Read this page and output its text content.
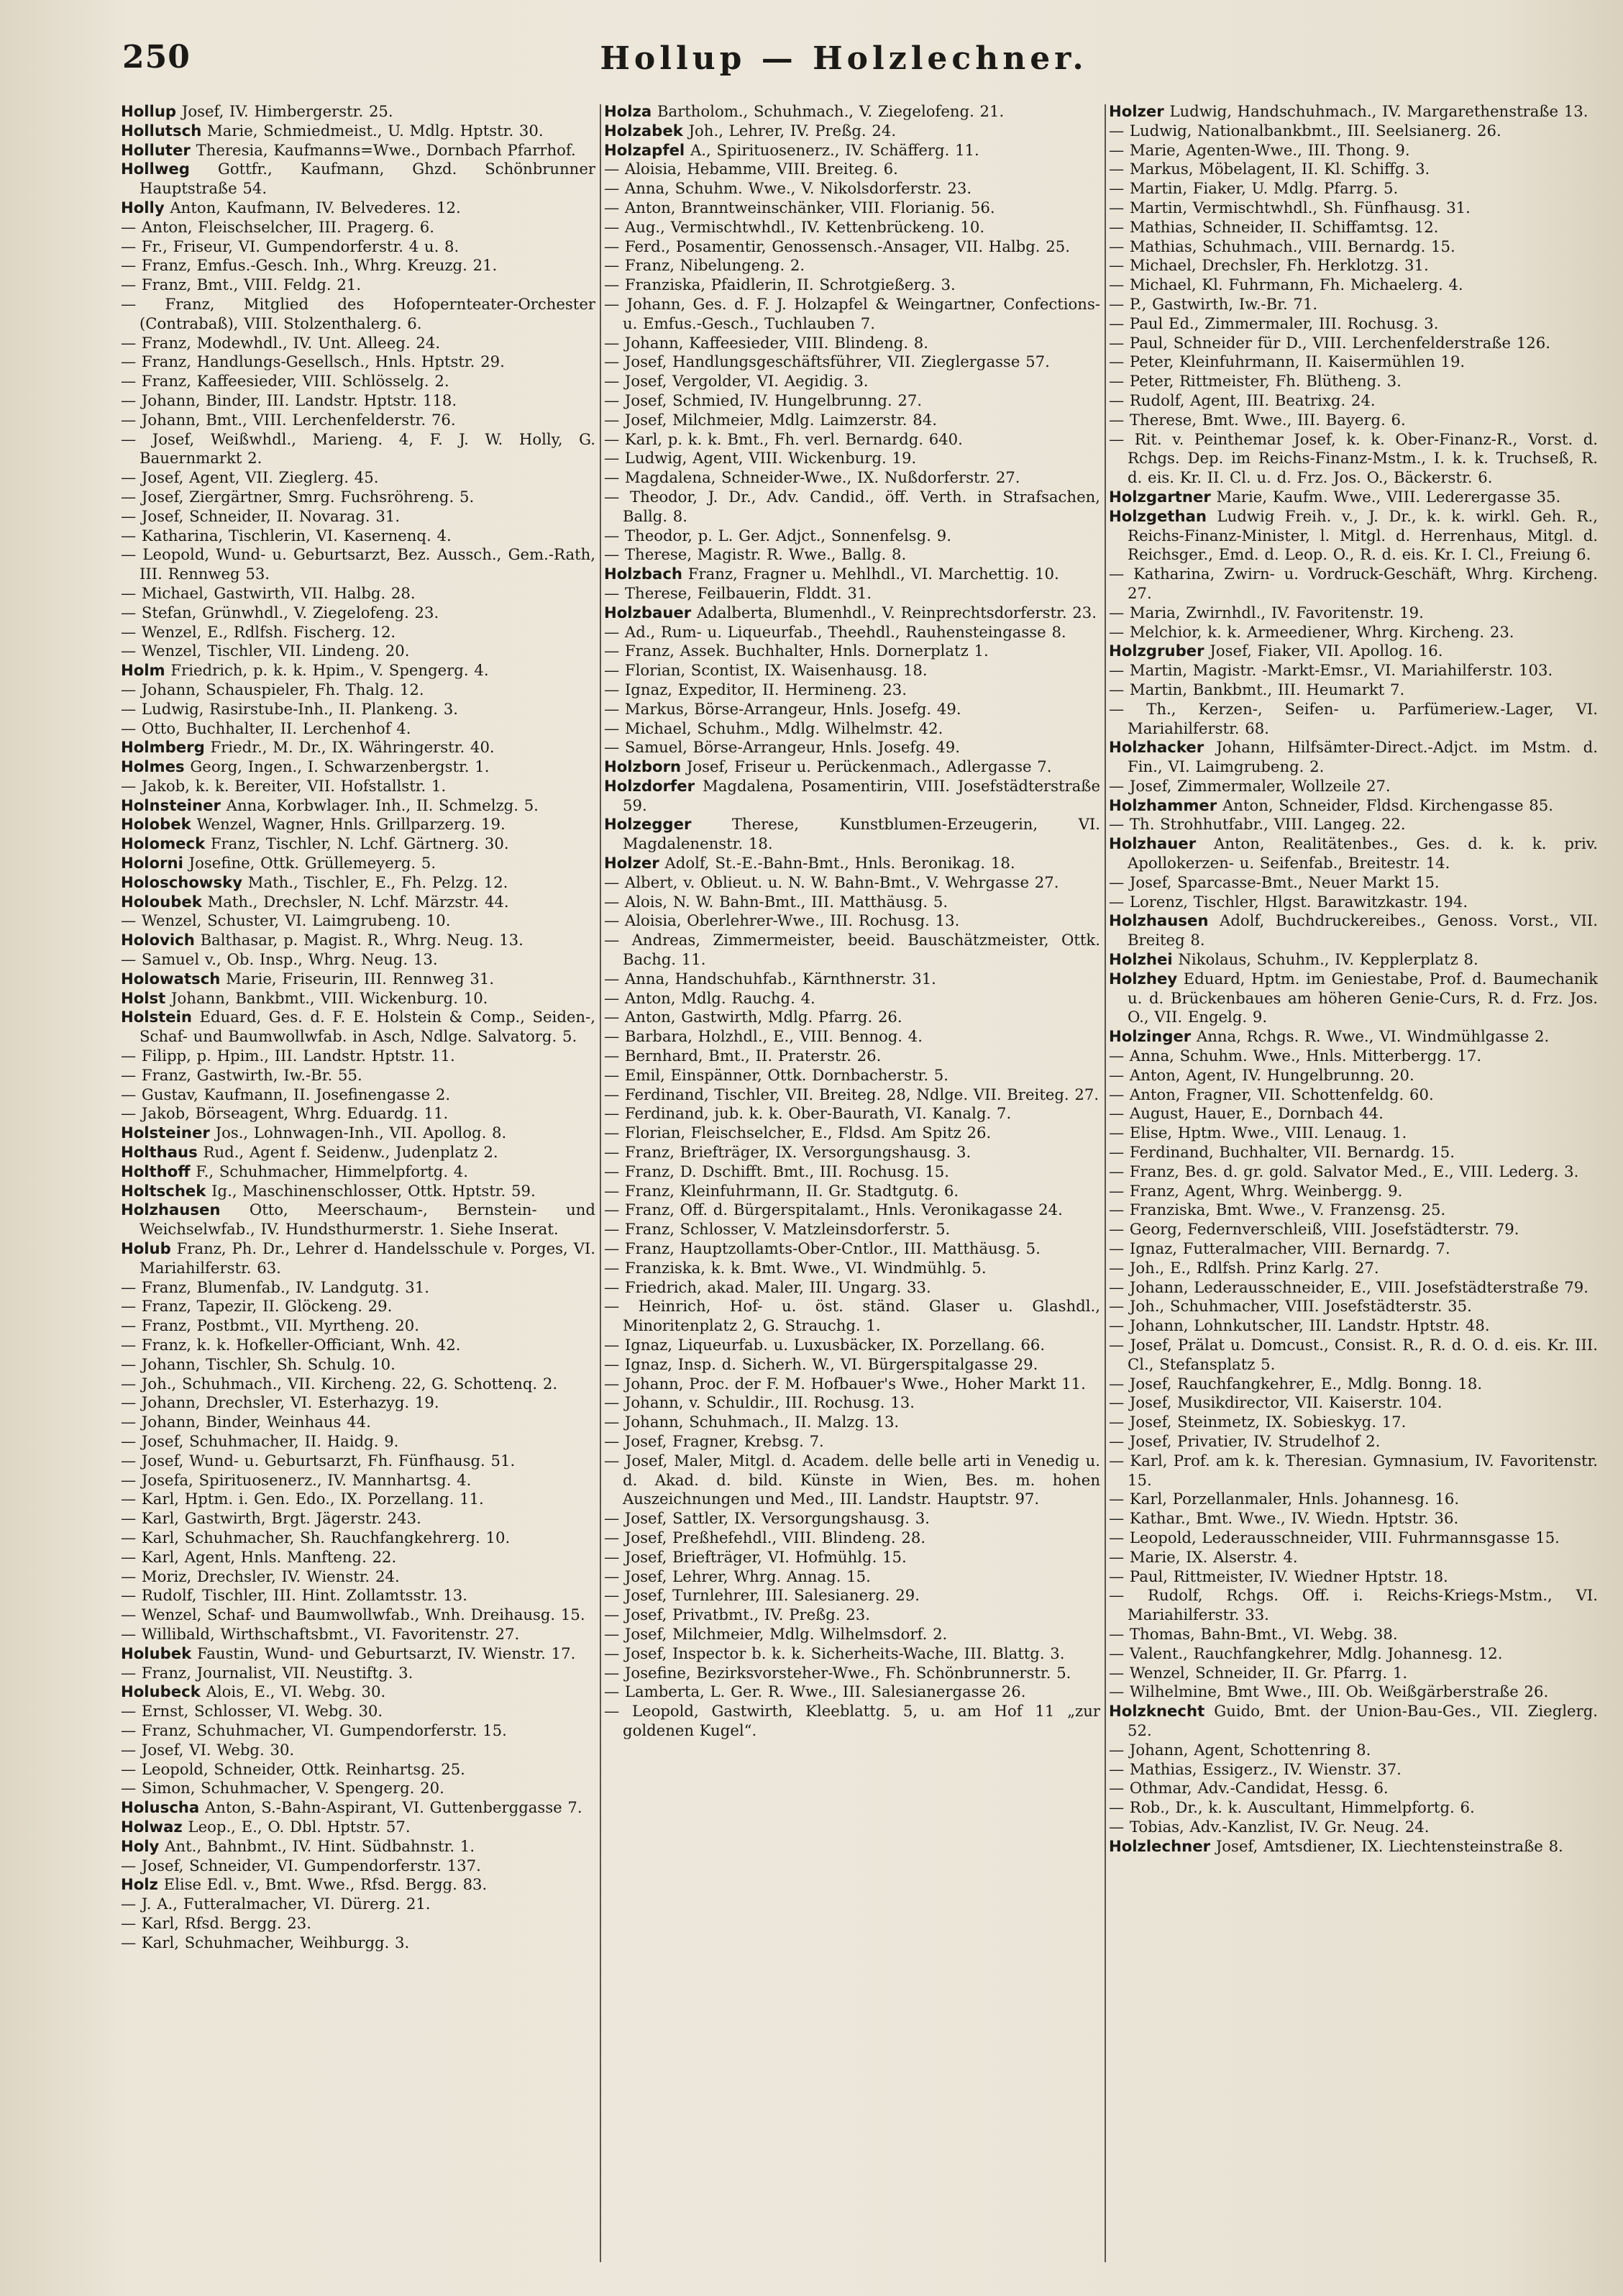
250	Hollup — Holzlechner.

Hollup Josef, IV. Himbergerstr. 25.

Hollutsch Marie, Schmiedmeist., U. Mdlg. Hptstr. 30.

Holluter Theresia, Kaufmanns=Wwe., Dornbach Pfarrhof.

Hollweg Gottfr., Kaufmann, Ghzd. Schönbrunner Hauptstraße 54.

Holly Anton, Kaufmann, IV. Belvederes. 12.

— Anton, Fleischselcher, III. Pragerg. 6.

— Fr., Friseur, VI. Gumpendorferstr. 4 u. 8.

— Franz, Emfus.-Gesch. Inh., Whrg. Kreuzg. 21.

— Franz, Bmt., VIII. Feldg. 21.

— Franz, Mitglied des Hofopernteater-Orchester (Contrabaß), VIII. Stolzenthalerg. 6.

— Franz, Modewhdl., IV. Unt. Alleeg. 24.

— Franz, Handlungs-Gesellsch., Hnls. Hptstr. 29.

— Franz, Kaffeesieder, VIII. Schlösselg. 2.

— Johann, Binder, III. Landstr. Hptstr. 118.

— Johann, Bmt., VIII. Lerchenfelderstr. 76.

— Josef, Weißwhdl., Marieng. 4, F. J. W. Holly, G. Bauernmarkt 2.

— Josef, Agent, VII. Zieglerg. 45.

— Josef, Ziergärtner, Smrg. Fuchsröhreng. 5.

— Josef, Schneider, II. Novarag. 31.

— Katharina, Tischlerin, VI. Kasernenq. 4.

— Leopold, Wund- u. Geburtsarzt, Bez. Aussch., Gem.-Rath, III. Rennweg 53.

— Michael, Gastwirth, VII. Halbg. 28.

— Stefan, Grünwhdl., V. Ziegelofeng. 23.

— Wenzel, E., Rdlfsh. Fischerg. 12.

— Wenzel, Tischler, VII. Lindeng. 20.

Holm Friedrich, p. k. k. Hpim., V. Spengerg. 4.

— Johann, Schauspieler, Fh. Thalg. 12.

— Ludwig, Rasirstube-Inh., II. Plankeng. 3.

— Otto, Buchhalter, II. Lerchenhof 4.

Holmberg Friedr., M. Dr., IX. Währingerstr. 40.

Holmes Georg, Ingen., I. Schwarzenbergstr. 1.

— Jakob, k. k. Bereiter, VII. Hofstallstr. 1.

Holnsteiner Anna, Korbwlager. Inh., II. Schmelzg. 5.

Holobek Wenzel, Wagner, Hnls. Grillparzerg. 19.

Holomeck Franz, Tischler, N. Lchf. Gärtnerg. 30.

Holorni Josefine, Ottk. Grüllemeyerg. 5.

Holoschowsky Math., Tischler, E., Fh. Pelzg. 12.

Holoubek Math., Drechsler, N. Lchf. Märzstr. 44.

— Wenzel, Schuster, VI. Laimgrubeng. 10.

Holovich Balthasar, p. Magist. R., Whrg. Neug. 13.

— Samuel v., Ob. Insp., Whrg. Neug. 13.

Holowatsch Marie, Friseurin, III. Rennweg 31.

Holst Johann, Bankbmt., VIII. Wickenburg. 10.

Holstein Eduard, Ges. d. F. E. Holstein & Comp., Seiden-, Schaf- und Baumwollwfab. in Asch, Ndlge. Salvatorg. 5.

— Filipp, p. Hpim., III. Landstr. Hptstr. 11.

— Franz, Gastwirth, Iw.-Br. 55.

— Gustav, Kaufmann, II. Josefinengasse 2.

— Jakob, Börseagent, Whrg. Eduardg. 11.

Holsteiner Jos., Lohnwagen-Inh., VII. Apollog. 8.

Holthaus Rud., Agent f. Seidenw., Judenplatz 2.

Holthoff F., Schuhmacher, Himmelpfortg. 4.

Holtschek Ig., Maschinenschlosser, Ottk. Hptstr. 59.

Holzhausen Otto, Meerschaum-, Bernstein- und Weichselwfab., IV. Hundsthurmerstr. 1. Siehe Inserat.

Holub Franz, Ph. Dr., Lehrer d. Handelsschule v. Porges, VI. Mariahilferstr. 63.

— Franz, Blumenfab., IV. Landgutg. 31.

— Franz, Tapezir, II. Glöckeng. 29.

— Franz, Postbmt., VII. Myrtheng. 20.

— Franz, k. k. Hofkeller-Officiant, Wnh. 42.

— Johann, Tischler, Sh. Schulg. 10.

— Joh., Schuhmach., VII. Kircheng. 22, G. Schottenq. 2.

— Johann, Drechsler, VI. Esterhazyg. 19.

— Johann, Binder, Weinhaus 44.

— Josef, Schuhmacher, II. Haidg. 9.

— Josef, Wund- u. Geburtsarzt, Fh. Fünfhausg. 51.

— Josefa, Spirituosenerz., IV. Mannhartsg. 4.

— Karl, Hptm. i. Gen. Edo., IX. Porzellang. 11.

— Karl, Gastwirth, Brgt. Jägerstr. 243.

— Karl, Schuhmacher, Sh. Rauchfangkehrerg. 10.

— Karl, Agent, Hnls. Manfteng. 22.

— Moriz, Drechsler, IV. Wienstr. 24.

— Rudolf, Tischler, III. Hint. Zollamtsstr. 13.

— Wenzel, Schaf- und Baumwollwfab., Wnh. Dreihausg. 15.

— Willibald, Wirthschaftsbmt., VI. Favoritenstr. 27.

Holubek Faustin, Wund- und Geburtsarzt, IV. Wienstr. 17.

— Franz, Journalist, VII. Neustiftg. 3.

Holubeck Alois, E., VI. Webg. 30.

— Ernst, Schlosser, VI. Webg. 30.

— Franz, Schuhmacher, VI. Gumpendorferstr. 15.

— Josef, VI. Webg. 30.

— Leopold, Schneider, Ottk. Reinhartsg. 25.

— Simon, Schuhmacher, V. Spengerg. 20.

Holuscha Anton, S.-Bahn-Aspirant, VI. Guttenberggasse 7.

Holwaz Leop., E., O. Dbl. Hptstr. 57.

Holy Ant., Bahnbmt., IV. Hint. Südbahnstr. 1.

— Josef, Schneider, VI. Gumpendorferstr. 137.

Holz Elise Edl. v., Bmt. Wwe., Rfsd. Bergg. 83.

— J. A., Futteralmacher, VI. Dürerg. 21.

— Karl, Rfsd. Bergg. 23.

— Karl, Schuhmacher, Weihburgg. 3.

Holza Bartholom., Schuhmach., V. Ziegelofeng. 21.

Holzabek Joh., Lehrer, IV. Preßg. 24.

Holzapfel A., Spirituosenerz., IV. Schäfferg. 11.

— Aloisia, Hebamme, VIII. Breiteg. 6.

— Anna, Schuhm. Wwe., V. Nikolsdorferstr. 23.

— Anton, Branntweinschänker, VIII. Florianig. 56.

— Aug., Vermischtwhdl., IV. Kettenbrückeng. 10.

— Ferd., Posamentir, Genossensch.-Ansager, VII. Halbg. 25.

— Franz, Nibelungeng. 2.

— Franziska, Pfaidlerin, II. Schrotgießerg. 3.

— Johann, Ges. d. F. J. Holzapfel & Weingartner, Confections- u. Emfus.-Gesch., Tuchlauben 7.

— Johann, Kaffeesieder, VIII. Blindeng. 8.

— Josef, Handlungsgeschäftsführer, VII. Zieglergasse 57.

— Josef, Vergolder, VI. Aegidig. 3.

— Josef, Schmied, IV. Hungelbrunng. 27.

— Josef, Milchmeier, Mdlg. Laimzerstr. 84.

— Karl, p. k. k. Bmt., Fh. verl. Bernardg. 640.

— Ludwig, Agent, VIII. Wickenburg. 19.

— Magdalena, Schneider-Wwe., IX. Nußdorferstr. 27.

— Theodor, J. Dr., Adv. Candid., öff. Verth. in Strafsachen, Ballg. 8.

— Theodor, p. L. Ger. Adjct., Sonnenfelsg. 9.

— Therese, Magistr. R. Wwe., Ballg. 8.

Holzbach Franz, Fragner u. Mehlhdl., VI. Marchettig. 10.

— Therese, Feilbauerin, Flddt. 31.

Holzbauer Adalberta, Blumenhdl., V. Reinprechtsdorferstr. 23.

— Ad., Rum- u. Liqueurfab., Theehdl., Rauhensteingasse 8.

— Franz, Assek. Buchhalter, Hnls. Dornerplatz 1.

— Florian, Scontist, IX. Waisenhausg. 18.

— Ignaz, Expeditor, II. Hermineng. 23.

— Markus, Börse-Arrangeur, Hnls. Josefg. 49.

— Michael, Schuhm., Mdlg. Wilhelmstr. 42.

— Samuel, Börse-Arrangeur, Hnls. Josefg. 49.

Holzborn Josef, Friseur u. Perückenmach., Adlergasse 7.

Holzdorfer Magdalena, Posamentirin, VIII. Josefstädterstraße 59.

Holzegger	Therese, Kunstblumen-Erzeugerin, VI. Magdalenenstr. 18.

Holzer Adolf, St.-E.-Bahn-Bmt., Hnls. Beronikag. 18.

— Albert, v. Oblieut. u. N. W. Bahn-Bmt., V. Wehrgasse 27.

— Alois, N. W. Bahn-Bmt., III. Matthäusg. 5.

— Aloisia, Oberlehrer-Wwe., III. Rochusg. 13.

— Andreas, Zimmermeister, beeid. Bauschätzmeister, Ottk. Bachg. 11.

— Anna, Handschuhfab., Kärnthnerstr. 31.

— Anton, Mdlg. Rauchg. 4.

— Anton, Gastwirth, Mdlg. Pfarrg. 26.

— Barbara, Holzhdl., E., VIII. Bennog. 4.

— Bernhard, Bmt., II. Praterstr. 26.

— Emil, Einspänner, Ottk. Dornbacherstr. 5.

— Ferdinand, Tischler, VII. Breiteg. 28, Ndlge. VII. Breiteg. 27.

— Ferdinand, jub. k. k. Ober-Baurath, VI. Kanalg. 7.

— Florian, Fleischselcher, E., Fldsd. Am Spitz 26.

— Franz, Briefträger, IX. Versorgungshausg. 3.

— Franz, D. Dschifft. Bmt., III. Rochusg. 15.

— Franz, Kleinfuhrmann, II. Gr. Stadtgutg. 6.

— Franz, Off. d. Bürgerspitalamt., Hnls. Veronikagasse 24.

— Franz, Schlosser, V. Matzleinsdorferstr. 5.

— Franz, Hauptzollamts-Ober-Cntlor., III. Matthäusg. 5.

— Franziska, k. k. Bmt. Wwe., VI. Windmühlg. 5.

— Friedrich, akad. Maler, III. Ungarg. 33.

— Heinrich, Hof- u. öst. ständ. Glaser u. Glashdl., Minoritenplatz 2, G. Strauchg. 1.

— Ignaz, Liqueurfab. u. Luxusbäcker, IX. Porzellang. 66.

— Ignaz, Insp. d. Sicherh. W., VI. Bürgerspitalgasse 29.

— Johann, Proc. der F. M. Hofbauer's Wwe., Hoher Markt 11.

— Johann, v. Schuldir., III. Rochusg. 13.

— Johann, Schuhmach., II. Malzg. 13.

— Josef, Fragner, Krebsg. 7.

— Josef, Maler, Mitgl. d. Academ. delle belle arti in Venedig u. d. Akad. d. bild. Künste in Wien, Bes. m. hohen Auszeichnungen und Med., III. Landstr. Hauptstr. 97.

— Josef, Sattler, IX. Versorgungshausg. 3.

— Josef, Preßhefehdl., VIII. Blindeng. 28.

— Josef, Briefträger, VI. Hofmühlg. 15.

— Josef, Lehrer, Whrg. Annag. 15.

— Josef, Turnlehrer, III. Salesianerg. 29.

— Josef, Privatbmt., IV. Preßg. 23.

— Josef, Milchmeier, Mdlg. Wilhelmsdorf. 2.

— Josef, Inspector b. k. k. Sicherheits-Wache, III. Blattg. 3.

— Josefine, Bezirksvorsteher-Wwe., Fh. Schönbrunnerstr. 5.

— Lamberta, L. Ger. R. Wwe., III. Salesianergasse 26.

— Leopold, Gastwirth, Kleeblattg. 5, u. am Hof 11 „zur goldenen Kugel“.

Holzer Ludwig, Handschuhmach., IV. Margarethenstraße 13.

— Ludwig, Nationalbankbmt., III. Seelsianerg. 26.

— Marie, Agenten-Wwe., III. Thong. 9.

— Markus, Möbelagent, II. Kl. Schiffg. 3.

— Martin, Fiaker, U. Mdlg. Pfarrg. 5.

— Martin, Vermischtwhdl., Sh. Fünfhausg. 31.

— Mathias, Schneider, II. Schiffamtsg. 12.

— Mathias, Schuhmach., VIII. Bernardg. 15.

— Michael, Drechsler, Fh. Herklotzg. 31.

— Michael, Kl. Fuhrmann, Fh. Michaelerg. 4.

— P., Gastwirth, Iw.-Br. 71.

— Paul Ed., Zimmermaler, III. Rochusg. 3.

— Paul, Schneider für D., VIII. Lerchenfelderstraße 126.

— Peter, Kleinfuhrmann, II. Kaisermühlen 19.

— Peter, Rittmeister, Fh. Blütheng. 3.

— Rudolf, Agent, III. Beatrixg. 24.

— Therese, Bmt. Wwe., III. Bayerg. 6.

— Rit. v. Peinthemar Josef, k. k. Ober-Finanz-R., Vorst. d. Rchgs. Dep. im Reichs-Finanz-Mstm., I. k. k. Truchseß, R. d. eis. Kr. II. Cl. u. d. Frz. Jos. O., Bäckerstr. 6.

Holzgartner Marie, Kaufm. Wwe., VIII. Lederergasse 35.

Holzgethan Ludwig Freih. v., J. Dr., k. k. wirkl. Geh. R., Reichs-Finanz-Minister, l. Mitgl. d. Herrenhaus, Mitgl. d. Reichsger., Emd. d. Leop. O., R. d. eis. Kr. I. Cl., Freiung 6.

— Katharina, Zwirn- u. Vordruck-Geschäft, Whrg. Kircheng. 27.

— Maria, Zwirnhdl., IV. Favoritenstr. 19.

— Melchior, k. k. Armeediener, Whrg. Kircheng. 23.

Holzgruber Josef, Fiaker, VII. Apollog. 16.

— Martin, Magistr. -Markt-Emsr., VI. Mariahilferstr. 103.

— Martin, Bankbmt., III. Heumarkt 7.

— Th., Kerzen-, Seifen- u. Parfümeriew.-Lager, VI. Mariahilferstr. 68.

Holzhacker Johann, Hilfsämter-Direct.-Adjct. im Mstm. d. Fin., VI. Laimgrubeng. 2.

— Josef, Zimmermaler, Wollzeile 27.

Holzhammer Anton, Schneider, Fldsd. Kirchengasse 85.

— Th. Strohhutfabr., VIII. Langeg. 22.

Holzhauer Anton, Realitätenbes., Ges. d. k. k. priv. Apollokerzen- u. Seifenfab., Breitestr. 14.

— Josef, Sparcasse-Bmt., Neuer Markt 15.

— Lorenz, Tischler, Hlgst. Barawitzkastr. 194.

Holzhausen Adolf, Buchdruckereibes., Genoss. Vorst., VII. Breiteg 8.

Holzhei Nikolaus, Schuhm., IV. Kepplerplatz 8.

Holzhey Eduard, Hptm. im Geniestabe, Prof. d. Baumechanik u. d. Brückenbaues am höheren Genie-Curs, R. d. Frz. Jos. O., VII. Engelg. 9.

Holzinger Anna, Rchgs. R. Wwe., VI. Windmühlgasse 2.

— Anna, Schuhm. Wwe., Hnls. Mitterbergg. 17.

— Anton, Agent, IV. Hungelbrunng. 20.

— Anton, Fragner, VII. Schottenfeldg. 60.

— August, Hauer, E., Dornbach 44.

— Elise, Hptm. Wwe., VIII. Lenaug. 1.

— Ferdinand, Buchhalter, VII. Bernardg. 15.

— Franz, Bes. d. gr. gold. Salvator Med., E., VIII. Lederg. 3.

— Franz, Agent, Whrg. Weinbergg. 9.

— Franziska, Bmt. Wwe., V. Franzensg. 25.

— Georg, Federnverschleiß, VIII. Josefstädterstr. 79.

— Ignaz, Futteralmacher, VIII. Bernardg. 7.

— Joh., E., Rdlfsh. Prinz Karlg. 27.

— Johann, Lederausschneider, E., VIII. Josefstädterstraße 79.

— Joh., Schuhmacher, VIII. Josefstädterstr. 35.

— Johann, Lohnkutscher, III. Landstr. Hptstr. 48.

— Josef, Prälat u. Domcust., Consist. R., R. d. O. d. eis. Kr. III. Cl., Stefansplatz 5.

— Josef, Rauchfangkehrer, E., Mdlg. Bonng. 18.

— Josef, Musikdirector, VII. Kaiserstr. 104.

— Josef, Steinmetz, IX. Sobieskyg. 17.

— Josef, Privatier, IV. Strudelhof 2.

— Karl, Prof. am k. k. Theresian. Gymnasium, IV. Favoritenstr. 15.

— Karl, Porzellanmaler, Hnls. Johannesg. 16.

— Kathar., Bmt. Wwe., IV. Wiedn. Hptstr. 36.

— Leopold, Lederausschneider, VIII. Fuhrmannsgasse 15.

— Marie, IX. Alserstr. 4.

— Paul, Rittmeister, IV. Wiedner Hptstr. 18.

— Rudolf, Rchgs. Off. i. Reichs-Kriegs-Mstm., VI. Mariahilferstr. 33.

— Thomas, Bahn-Bmt., VI. Webg. 38.

— Valent., Rauchfangkehrer, Mdlg. Johannesg. 12.

— Wenzel, Schneider, II. Gr. Pfarrg. 1.

— Wilhelmine, Bmt Wwe., III. Ob. Weißgärberstraße 26.

Holzknecht Guido, Bmt. der Union-Bau-Ges., VII. Zieglerg. 52.

— Johann, Agent, Schottenring 8.

— Mathias, Essigerz., IV. Wienstr. 37.

— Othmar, Adv.-Candidat, Hessg. 6.

— Rob., Dr., k. k. Auscultant, Himmelpfortg. 6.

— Tobias, Adv.-Kanzlist, IV. Gr. Neug. 24.

Holzlechner Josef, Amtsdiener, IX. Liechtensteinstraße 8.
